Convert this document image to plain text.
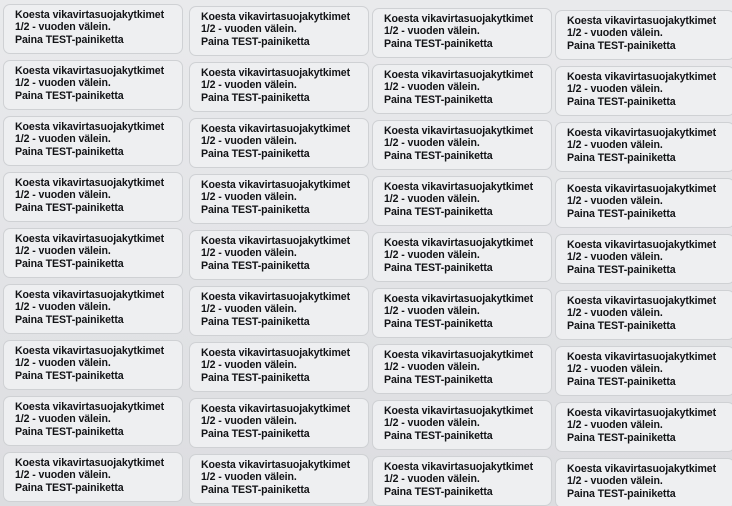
Koesta vikavirtasuojakytkimet
1/2 - vuoden välein.
Paina TEST-painiketta
Koesta vikavirtasuojakytkimet
1/2 - vuoden välein.
Paina TEST-painiketta
Koesta vikavirtasuojakytkimet
1/2 - vuoden välein.
Paina TEST-painiketta
Koesta vikavirtasuojakytkimet
1/2 - vuoden välein.
Paina TEST-painiketta
Koesta vikavirtasuojakytkimet
1/2 - vuoden välein.
Paina TEST-painiketta
Koesta vikavirtasuojakytkimet
1/2 - vuoden välein.
Paina TEST-painiketta
Koesta vikavirtasuojakytkimet
1/2 - vuoden välein.
Paina TEST-painiketta
Koesta vikavirtasuojakytkimet
1/2 - vuoden välein.
Paina TEST-painiketta
Koesta vikavirtasuojakytkimet
1/2 - vuoden välein.
Paina TEST-painiketta
Koesta vikavirtasuojakytkimet
1/2 - vuoden välein.
Paina TEST-painiketta
Koesta vikavirtasuojakytkimet
1/2 - vuoden välein.
Paina TEST-painiketta
Koesta vikavirtasuojakytkimet
1/2 - vuoden välein.
Paina TEST-painiketta
Koesta vikavirtasuojakytkimet
1/2 - vuoden välein.
Paina TEST-painiketta
Koesta vikavirtasuojakytkimet
1/2 - vuoden välein.
Paina TEST-painiketta
Koesta vikavirtasuojakytkimet
1/2 - vuoden välein.
Paina TEST-painiketta
Koesta vikavirtasuojakytkimet
1/2 - vuoden välein.
Paina TEST-painiketta
Koesta vikavirtasuojakytkimet
1/2 - vuoden välein.
Paina TEST-painiketta
Koesta vikavirtasuojakytkimet
1/2 - vuoden välein.
Paina TEST-painiketta
Koesta vikavirtasuojakytkimet
1/2 - vuoden välein.
Paina TEST-painiketta
Koesta vikavirtasuojakytkimet
1/2 - vuoden välein.
Paina TEST-painiketta
Koesta vikavirtasuojakytkimet
1/2 - vuoden välein.
Paina TEST-painiketta
Koesta vikavirtasuojakytkimet
1/2 - vuoden välein.
Paina TEST-painiketta
Koesta vikavirtasuojakytkimet
1/2 - vuoden välein.
Paina TEST-painiketta
Koesta vikavirtasuojakytkimet
1/2 - vuoden välein.
Paina TEST-painiketta
Koesta vikavirtasuojakytkimet
1/2 - vuoden välein.
Paina TEST-painiketta
Koesta vikavirtasuojakytkimet
1/2 - vuoden välein.
Paina TEST-painiketta
Koesta vikavirtasuojakytkimet
1/2 - vuoden välein.
Paina TEST-painiketta
Koesta vikavirtasuojakytkimet
1/2 - vuoden välein.
Paina TEST-painiketta
Koesta vikavirtasuojakytkimet
1/2 - vuoden välein.
Paina TEST-painiketta
Koesta vikavirtasuojakytkimet
1/2 - vuoden välein.
Paina TEST-painiketta
Koesta vikavirtasuojakytkimet
1/2 - vuoden välein.
Paina TEST-painiketta
Koesta vikavirtasuojakytkimet
1/2 - vuoden välein.
Paina TEST-painiketta
Koesta vikavirtasuojakytkimet
1/2 - vuoden välein.
Paina TEST-painiketta
Koesta vikavirtasuojakytkimet
1/2 - vuoden välein.
Paina TEST-painiketta
Koesta vikavirtasuojakytkimet
1/2 - vuoden välein.
Paina TEST-painiketta
Koesta vikavirtasuojakytkimet
1/2 - vuoden välein.
Paina TEST-painiketta
